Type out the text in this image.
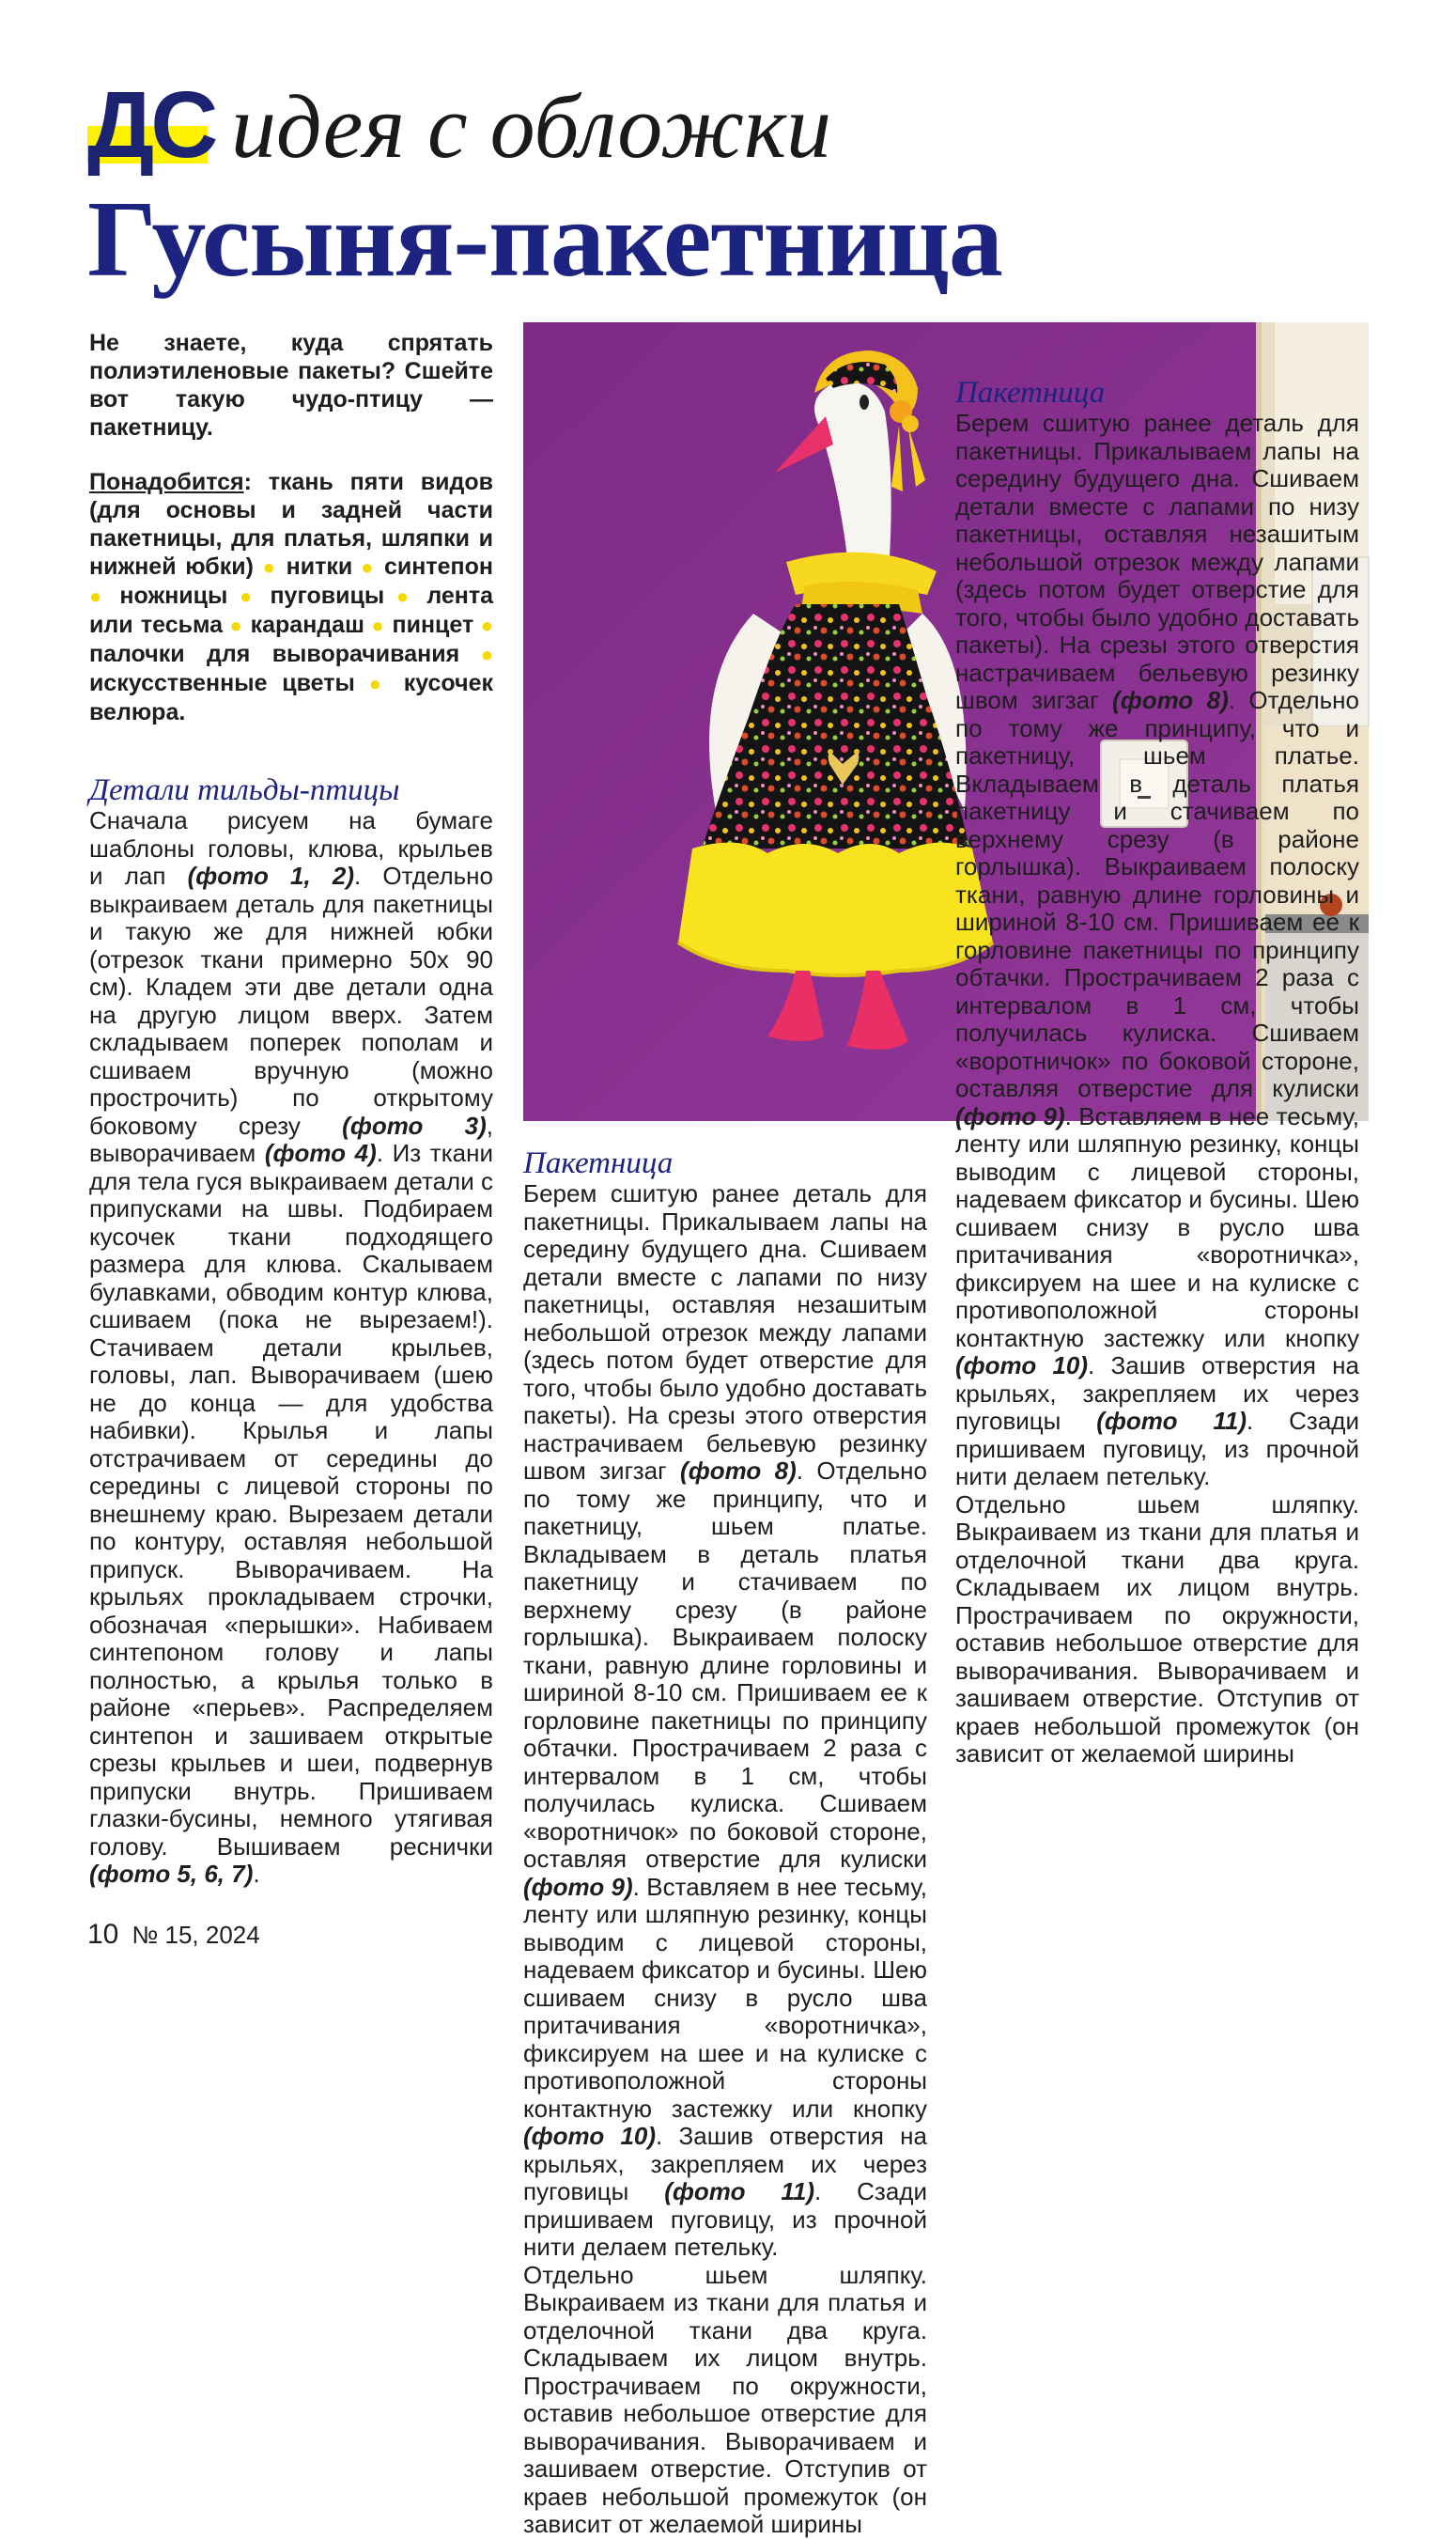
ДС идея с обложки
Гусыня-пакетница

Не знаете, куда спрятать полиэтиленовые пакеты? Сшейте вот такую чудо-птицу — пакетницу.

Понадобится: ткань пяти видов (для основы и задней части пакетницы, для платья, шляпки и нижней юбки) ● нитки ● синтепон ● ножницы ● пуговицы ● лента или тесьма ● карандаш ● пинцет ● палочки для выворачивания ● искусственные цветы ● кусочек велюра.

Детали тильды-птицы

Сначала рисуем на бумаге шаблоны головы, клюва, крыльев и лап (фото 1, 2). Отдельно выкраиваем деталь для пакетницы и такую же для нижней юбки (отрезок ткани примерно 50х 90 см). Кладем эти две детали одна на другую лицом вверх. Затем складываем поперек пополам и сшиваем вручную (можно прострочить) по открытому боковому срезу (фото 3), выворачиваем (фото 4). Из ткани для тела гуся выкраиваем детали с припусками на швы. Подбираем кусочек ткани подходящего размера для клюва. Скалываем булавками, обводим контур клюва, сшиваем (пока не вырезаем!). Стачиваем детали крыльев, головы, лап. Выворачиваем (шею не до конца — для удобства набивки). Крылья и лапы отстрачиваем от середины до середины с лицевой стороны по внешнему краю. Вырезаем детали по контуру, оставляя небольшой припуск. Выворачиваем. На крыльях прокладываем строчки, обозначая «перышки». Набиваем синтепоном голову и лапы полностью, а крылья только в районе «перьев». Распределяем синтепон и зашиваем открытые срезы крыльев и шеи, подвернув припуски внутрь. Пришиваем глазки-бусины, немного утягивая голову. Вышиваем реснички (фото 5, 6, 7).

Пакетница

Берем сшитую ранее деталь для пакетницы. Прикалываем лапы на середину будущего дна. Сшиваем детали вместе с лапами по низу пакетницы, оставляя незашитым небольшой отрезок между лапами (здесь потом будет отверстие для того, чтобы было удобно доставать пакеты). На срезы этого отверстия настрачиваем бельевую резинку швом зигзаг (фото 8). Отдельно по тому же принципу, что и пакетницу, шьем платье. Вкладываем в деталь платья пакетницу и стачиваем по верхнему срезу (в районе горлышка). Выкраиваем полоску ткани, равную длине горловины и шириной 8-10 см. Пришиваем ее к горловине пакетницы по принципу обтачки. Прострачиваем 2 раза с интервалом в 1 см, чтобы получилась кулиска. Сшиваем «воротничок» по боковой стороне, оставляя отверстие для кулиски (фото 9). Вставляем в нее тесьму, ленту или шляпную резинку, концы выводим с лицевой стороны, надеваем фиксатор и бусины. Шею сшиваем снизу в русло шва притачивания «воротничка», фиксируем на шее и на кулиске с противоположной стороны контактную застежку или кнопку (фото 10). Зашив отверстия на крыльях, закрепляем их через пуговицы (фото 11). Сзади пришиваем пуговицу, из прочной нити делаем петельку.

Отдельно шьем шляпку. Выкраиваем из ткани для платья и отделочной ткани два круга. Складываем их лицом внутрь. Прострачиваем по окружности, оставив небольшое отверстие для выворачивания. Выворачиваем и зашиваем отверстие. Отступив от краев небольшой промежуток (он зависит от желаемой ширины

10 № 15, 2024

Пакетница

Берем сшитую ранее деталь для пакетницы. Прикалываем лапы на середину будущего дна. Сшиваем детали вместе с лапами по низу пакетницы, оставляя незашитым небольшой отрезок между лапами (здесь потом будет отверстие для того, чтобы было удобно доставать пакеты). На срезы этого отверстия настрачиваем бельевую резинку швом зигзаг (фото 8). Отдельно по тому же принципу, что и пакетницу, шьем платье. Вкладываем в деталь платья пакетницу и стачиваем по верхнему срезу (в районе горлышка). Выкраиваем полоску ткани, равную длине горловины и шириной 8-10 см. Пришиваем ее к горловине пакетницы по принципу обтачки. Прострачиваем 2 раза с интервалом в 1 см, чтобы получилась кулиска. Сшиваем «воротничок» по боковой стороне, оставляя отверстие для кулиски (фото 9). Вставляем в нее тесьму, ленту или шляпную резинку, концы выводим с лицевой стороны, надеваем фиксатор и бусины. Шею сшиваем снизу в русло шва притачивания «воротничка», фиксируем на шее и на кулиске с противоположной стороны контактную застежку или кнопку (фото 10). Зашив отверстия на крыльях, закрепляем их через пуговицы (фото 11). Сзади пришиваем пуговицу, из прочной нити делаем петельку.

Отдельно шьем шляпку. Выкраиваем из ткани для платья и отделочной ткани два круга. Складываем их лицом внутрь. Прострачиваем по окружности, оставив небольшое отверстие для выворачивания. Выворачиваем и зашиваем отверстие. Отступив от краев небольшой промежуток (он зависит от желаемой ширины
